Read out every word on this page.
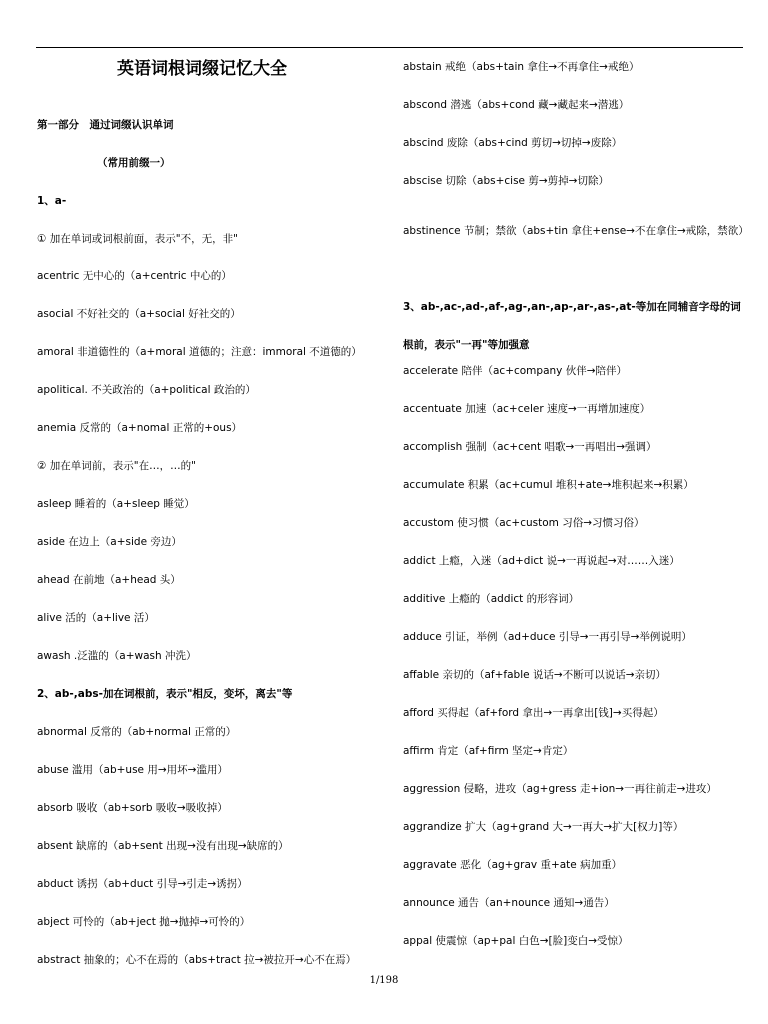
英语词根词缀记忆大全
第一部分　通过词缀认识单词
（常用前缀一）
1、a-
① 加在单词或词根前面，表示"不，无，非"
acentric 无中心的（a+centric 中心的）
asocial 不好社交的（a+social 好社交的）
amoral 非道德性的（a+moral 道德的；注意：immoral 不道德的）
apolitical. 不关政治的（a+political 政治的）
anemia 反常的（a+nomal 正常的+ous）
② 加在单词前，表示"在…，…的"
asleep 睡着的（a+sleep 睡觉）
aside 在边上（a+side 旁边）
ahead 在前地（a+head 头）
alive 活的（a+live 活）
awash .泛滥的（a+wash 冲洗）
2、ab-,abs-加在词根前，表示"相反，变坏，离去"等
abnormal 反常的（ab+normal 正常的）
abuse 滥用（ab+use 用→用坏→滥用）
absorb 吸收（ab+sorb 吸收→吸收掉）
absent 缺席的（ab+sent 出现→没有出现→缺席的）
abduct 诱拐（ab+duct 引导→引走→诱拐）
abject 可怜的（ab+ject 抛→抛掉→可怜的）
abstract 抽象的；心不在焉的（abs+tract 拉→被拉开→心不在焉）
abstain 戒绝（abs+tain 拿住→不再拿住→戒绝）
abscond 潜逃（abs+cond 藏→藏起来→潜逃）
abscind 废除（abs+cind 剪切→切掉→废除）
abscise 切除（abs+cise 剪→剪掉→切除）
abstinence 节制；禁欲（abs+tin 拿住+ense→不在拿住→戒除，禁欲）
3、ab-,ac-,ad-,af-,ag-,an-,ap-,ar-,as-,at-等加在同辅音字母的词根前，表示"一再"等加强意
accelerate 陪伴（ac+company 伙伴→陪伴）
accentuate 加速（ac+celer 速度→一再增加速度）
accomplish 强制（ac+cent 唱歌→一再唱出→强调）
accumulate 积累（ac+cumul 堆积+ate→堆积起来→积累）
accustom 使习惯（ac+custom 习俗→习惯习俗）
addict 上瘾，入迷（ad+dict 说→一再说起→对……入迷）
additive 上瘾的（addict 的形容词）
adduce 引证，举例（ad+duce 引导→一再引导→举例说明）
affable 亲切的（af+fable 说话→不断可以说话→亲切）
afford 买得起（af+ford 拿出→一再拿出[钱]→买得起）
affirm 肯定（af+firm 坚定→肯定）
aggression 侵略，进攻（ag+gress 走+ion→一再往前走→进攻）
aggrandize 扩大（ag+grand 大→一再大→扩大[权力]等）
aggravate 恶化（ag+grav 重+ate 病加重）
announce 通告（an+nounce 通知→通告）
appal 使震惊（ap+pal 白色→[脸]变白→受惊）
1/198
